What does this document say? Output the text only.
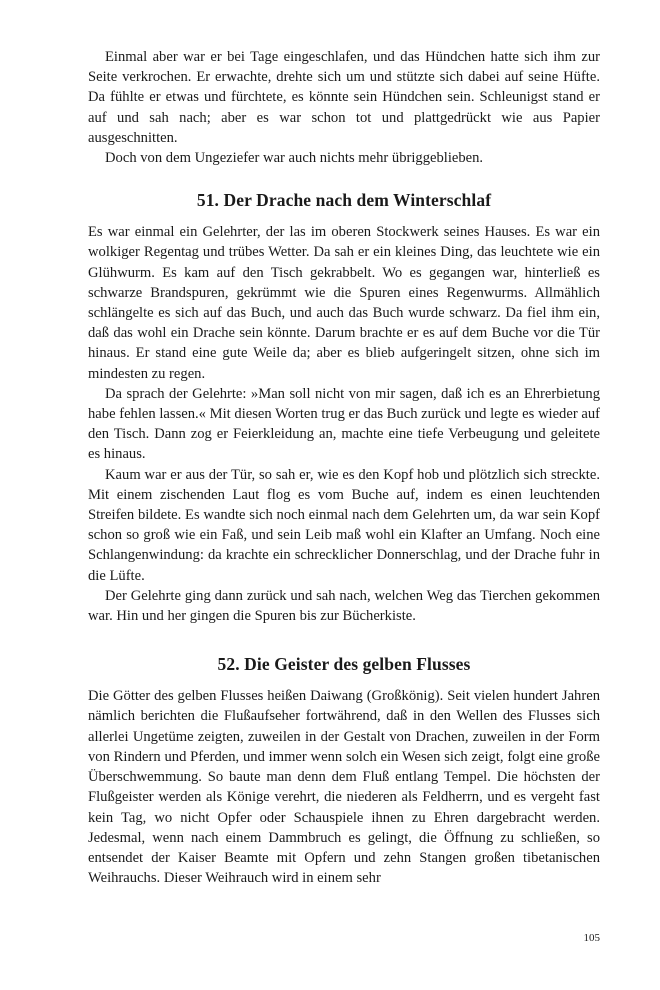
Einmal aber war er bei Tage eingeschlafen, und das Hündchen hatte sich ihm zur Seite verkrochen. Er erwachte, drehte sich um und stützte sich dabei auf seine Hüfte. Da fühlte er etwas und fürchtete, es könnte sein Hündchen sein. Schleunigst stand er auf und sah nach; aber es war schon tot und plattgedrückt wie aus Papier ausgeschnitten.

Doch von dem Ungeziefer war auch nichts mehr übriggeblieben.

51. Der Drache nach dem Winterschlaf

Es war einmal ein Gelehrter, der las im oberen Stockwerk seines Hauses. Es war ein wolkiger Regentag und trübes Wetter. Da sah er ein kleines Ding, das leuchtete wie ein Glühwurm. Es kam auf den Tisch gekrabbelt. Wo es gegangen war, hinterließ es schwarze Brandspuren, gekrümmt wie die Spuren eines Regenwurms. Allmählich schlängelte es sich auf das Buch, und auch das Buch wurde schwarz. Da fiel ihm ein, daß das wohl ein Drache sein könnte. Darum brachte er es auf dem Buche vor die Tür hinaus. Er stand eine gute Weile da; aber es blieb aufgeringelt sitzen, ohne sich im mindesten zu regen.

Da sprach der Gelehrte: »Man soll nicht von mir sagen, daß ich es an Ehrerbietung habe fehlen lassen.« Mit diesen Worten trug er das Buch zurück und legte es wieder auf den Tisch. Dann zog er Feierkleidung an, machte eine tiefe Verbeugung und geleitete es hinaus.

Kaum war er aus der Tür, so sah er, wie es den Kopf hob und plötzlich sich streckte. Mit einem zischenden Laut flog es vom Buche auf, indem es einen leuchtenden Streifen bildete. Es wandte sich noch einmal nach dem Gelehrten um, da war sein Kopf schon so groß wie ein Faß, und sein Leib maß wohl ein Klafter an Umfang. Noch eine Schlangenwindung: da krachte ein schrecklicher Donnerschlag, und der Drache fuhr in die Lüfte.

Der Gelehrte ging dann zurück und sah nach, welchen Weg das Tierchen gekommen war. Hin und her gingen die Spuren bis zur Bücherkiste.

52. Die Geister des gelben Flusses

Die Götter des gelben Flusses heißen Daiwang (Großkönig). Seit vielen hundert Jahren nämlich berichten die Flußaufseher fortwährend, daß in den Wellen des Flusses sich allerlei Ungetüme zeigten, zuweilen in der Gestalt von Drachen, zuweilen in der Form von Rindern und Pferden, und immer wenn solch ein Wesen sich zeigt, folgt eine große Überschwemmung. So baute man denn dem Fluß entlang Tempel. Die höchsten der Flußgeister werden als Könige verehrt, die niederen als Feldherrn, und es vergeht fast kein Tag, wo nicht Opfer oder Schauspiele ihnen zu Ehren dargebracht werden. Jedesmal, wenn nach einem Dammbruch es gelingt, die Öffnung zu schließen, so entsendet der Kaiser Beamte mit Opfern und zehn Stangen großen tibetanischen Weihrauchs. Dieser Weihrauch wird in einem sehr

105
